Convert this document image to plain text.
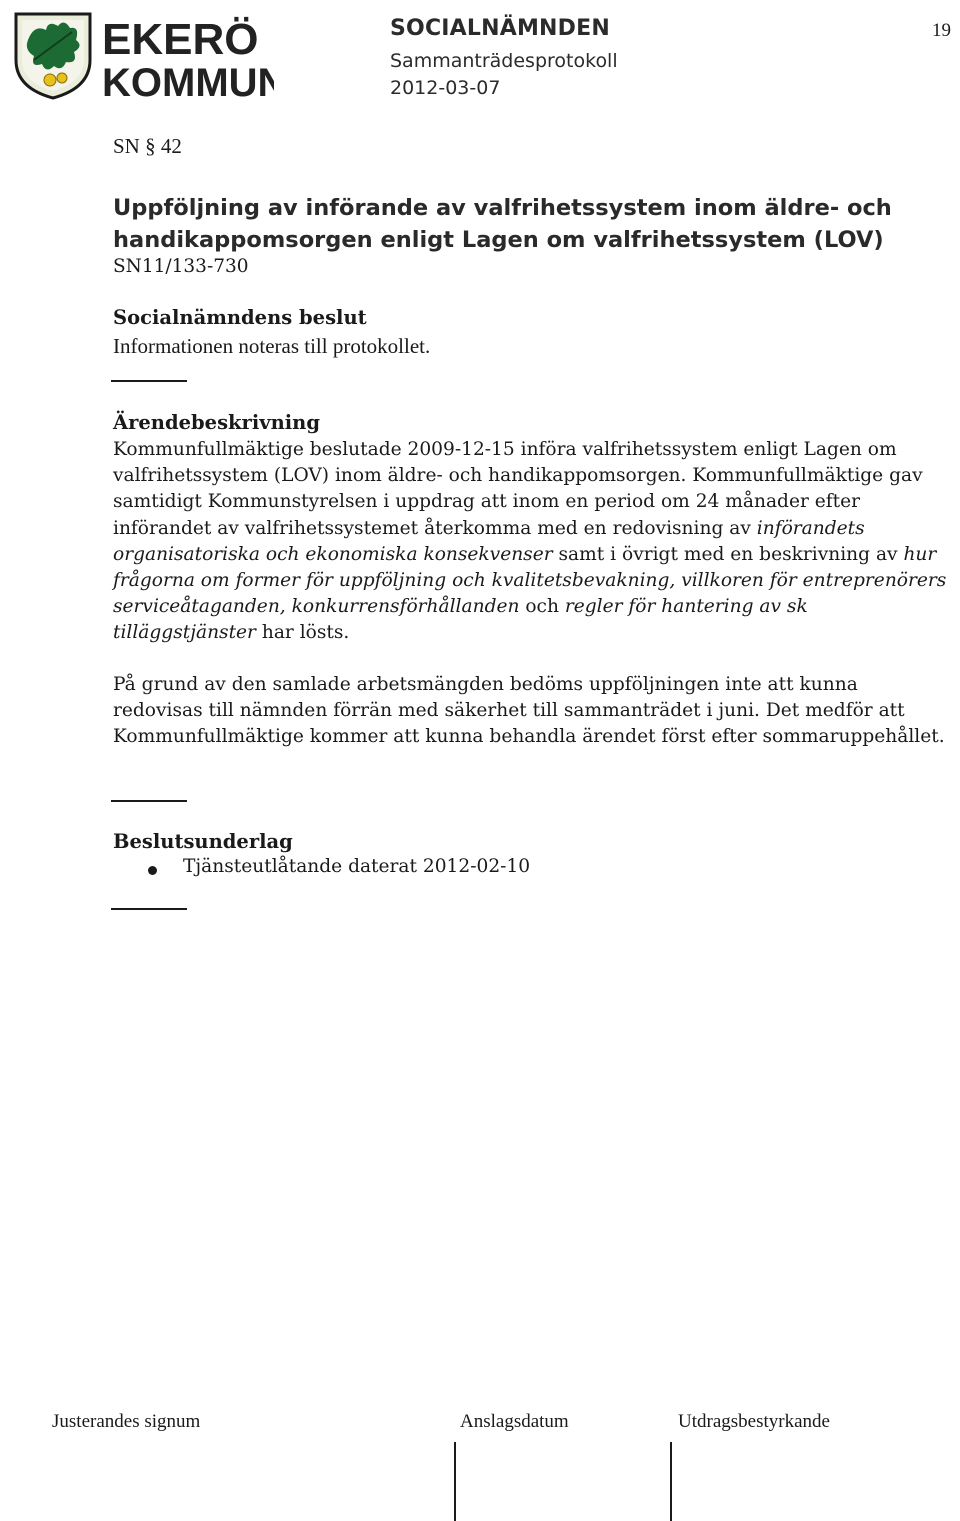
EKERÖ
KOMMUN
SOCIALNÄMNDEN
Sammanträdesprotokoll
2012-03-07
19
SN § 42
Uppföljning av införande av valfrihetssystem inom äldre- och handikappomsorgen enligt Lagen om valfrihetssystem (LOV)
SN11/133-730
Socialnämndens beslut
Informationen noteras till protokollet.
Ärendebeskrivning
Kommunfullmäktige beslutade 2009-12-15 införa valfrihetssystem enligt Lagen om valfrihetssystem (LOV) inom äldre- och handikappomsorgen. Kommunfullmäktige gav samtidigt Kommunstyrelsen i uppdrag att inom en period om 24 månader efter införandet av valfrihetssystemet återkomma med en redovisning av införandets organisatoriska och ekonomiska konsekvenser samt i övrigt med en beskrivning av hur frågorna om former för uppföljning och kvalitetsbevakning, villkoren för entreprenörers serviceåtaganden, konkurrensförhållanden och regler för hantering av sk tilläggstjänster har lösts.
På grund av den samlade arbetsmängden bedöms uppföljningen inte att kunna redovisas till nämnden förrän med säkerhet till sammanträdet i juni. Det medför att Kommunfullmäktige kommer att kunna behandla ärendet först efter sommaruppehållet.
Beslutsunderlag
Tjänsteutlåtande daterat 2012-02-10
Justerandes signum	Anslagsdatum	Utdragsbestyrkande
